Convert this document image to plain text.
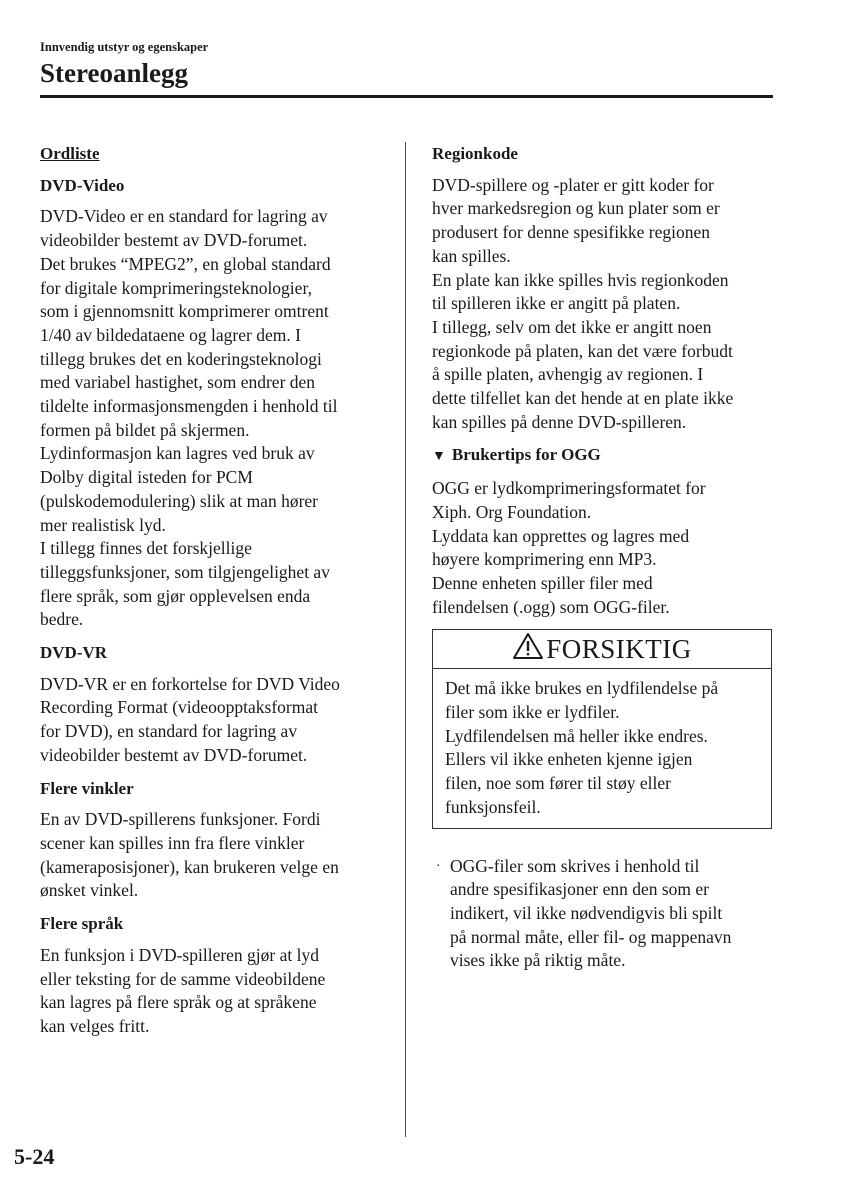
Innvendig utstyr og egenskaper

Stereoanlegg

Ordliste

DVD-Video

DVD-Video er en standard for lagring av
videobilder bestemt av DVD-forumet.
Det brukes “MPEG2”, en global standard
for digitale komprimeringsteknologier,
som i gjennomsnitt komprimerer omtrent
1/40 av bildedataene og lagrer dem. I
tillegg brukes det en koderingsteknologi
med variabel hastighet, som endrer den
tildelte informasjonsmengden i henhold til
formen på bildet på skjermen.
Lydinformasjon kan lagres ved bruk av
Dolby digital isteden for PCM
(pulskodemodulering) slik at man hører
mer realistisk lyd.
I tillegg finnes det forskjellige
tilleggsfunksjoner, som tilgjengelighet av
flere språk, som gjør opplevelsen enda
bedre.

DVD-VR

DVD-VR er en forkortelse for DVD Video
Recording Format (videoopptaksformat
for DVD), en standard for lagring av
videobilder bestemt av DVD-forumet.

Flere vinkler

En av DVD-spillerens funksjoner. Fordi
scener kan spilles inn fra flere vinkler
(kameraposisjoner), kan brukeren velge en
ønsket vinkel.

Flere språk

En funksjon i DVD-spilleren gjør at lyd
eller teksting for de samme videobildene
kan lagres på flere språk og at språkene
kan velges fritt.

Regionkode

DVD-spillere og -plater er gitt koder for
hver markedsregion og kun plater som er
produsert for denne spesifikke regionen
kan spilles.
En plate kan ikke spilles hvis regionkoden
til spilleren ikke er angitt på platen.
I tillegg, selv om det ikke er angitt noen
regionkode på platen, kan det være forbudt
å spille platen, avhengig av regionen. I
dette tilfellet kan det hende at en plate ikke
kan spilles på denne DVD-spilleren.

▼ Brukertips for OGG

OGG er lydkomprimeringsformatet for
Xiph. Org Foundation.
Lyddata kan opprettes og lagres med
høyere komprimering enn MP3.
Denne enheten spiller filer med
filendelsen (.ogg) som OGG-filer.
FORSIKTIG
Det må ikke brukes en lydfilendelse på
filer som ikke er lydfiler.
Lydfilendelsen må heller ikke endres.
Ellers vil ikke enheten kjenne igjen
filen, noe som fører til støy eller
funksjonsfeil.
· OGG-filer som skrives i henhold til
andre spesifikasjoner enn den som er
indikert, vil ikke nødvendigvis bli spilt
på normal måte, eller fil- og mappenavn
vises ikke på riktig måte.

5-24
